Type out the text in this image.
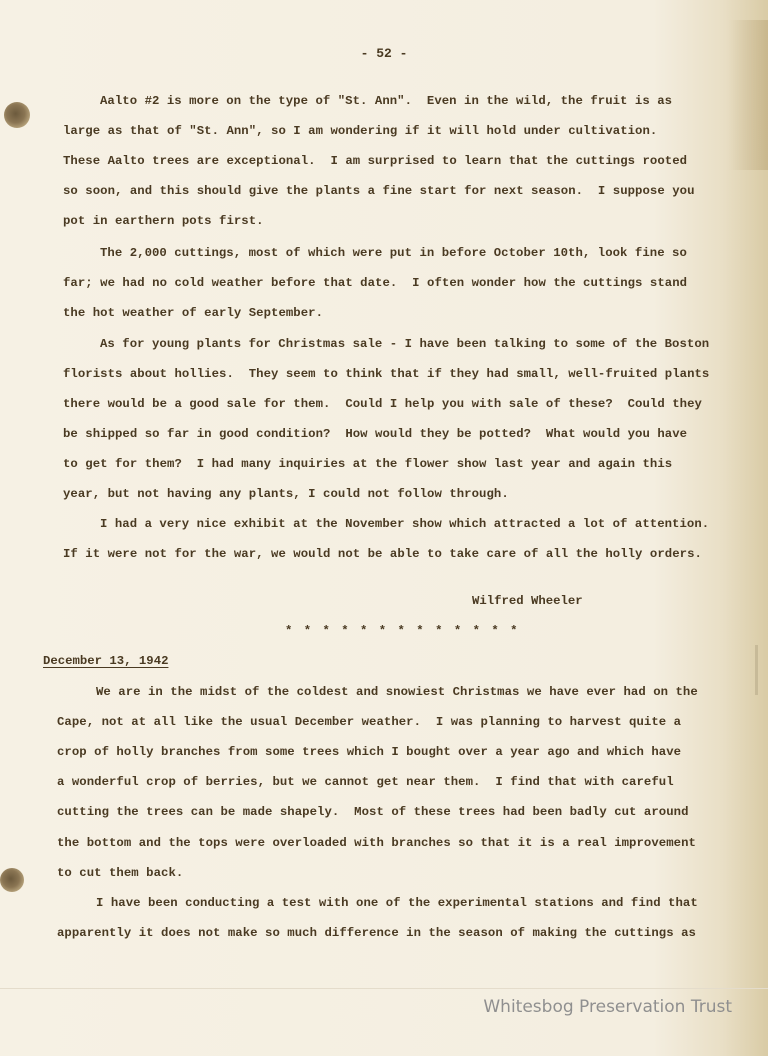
- 52 -
Aalto #2 is more on the type of "St. Ann".  Even in the wild, the fruit is as
large as that of "St. Ann", so I am wondering if it will hold under cultivation.
These Aalto trees are exceptional.  I am surprised to learn that the cuttings rooted
so soon, and this should give the plants a fine start for next season.  I suppose you
pot in earthern pots first.
The 2,000 cuttings, most of which were put in before October 10th, look fine so
far; we had no cold weather before that date.  I often wonder how the cuttings stand
the hot weather of early September.
As for young plants for Christmas sale - I have been talking to some of the Boston
florists about hollies.  They seem to think that if they had small, well-fruited plants
there would be a good sale for them.  Could I help you with sale of these?  Could they
be shipped so far in good condition?  How would they be potted?  What would you have
to get for them?  I had many inquiries at the flower show last year and again this
year, but not having any plants, I could not follow through.
I had a very nice exhibit at the November show which attracted a lot of attention.
If it were not for the war, we would not be able to take care of all the holly orders.
Wilfred Wheeler
* * * * * * * * * * * * *
December 13, 1942
We are in the midst of the coldest and snowiest Christmas we have ever had on the
Cape, not at all like the usual December weather.  I was planning to harvest quite a
crop of holly branches from some trees which I bought over a year ago and which have
a wonderful crop of berries, but we cannot get near them.  I find that with careful
cutting the trees can be made shapely.  Most of these trees had been badly cut around
the bottom and the tops were overloaded with branches so that it is a real improvement
to cut them back.
I have been conducting a test with one of the experimental stations and find that
apparently it does not make so much difference in the season of making the cuttings as
Whitesbog Preservation Trust
